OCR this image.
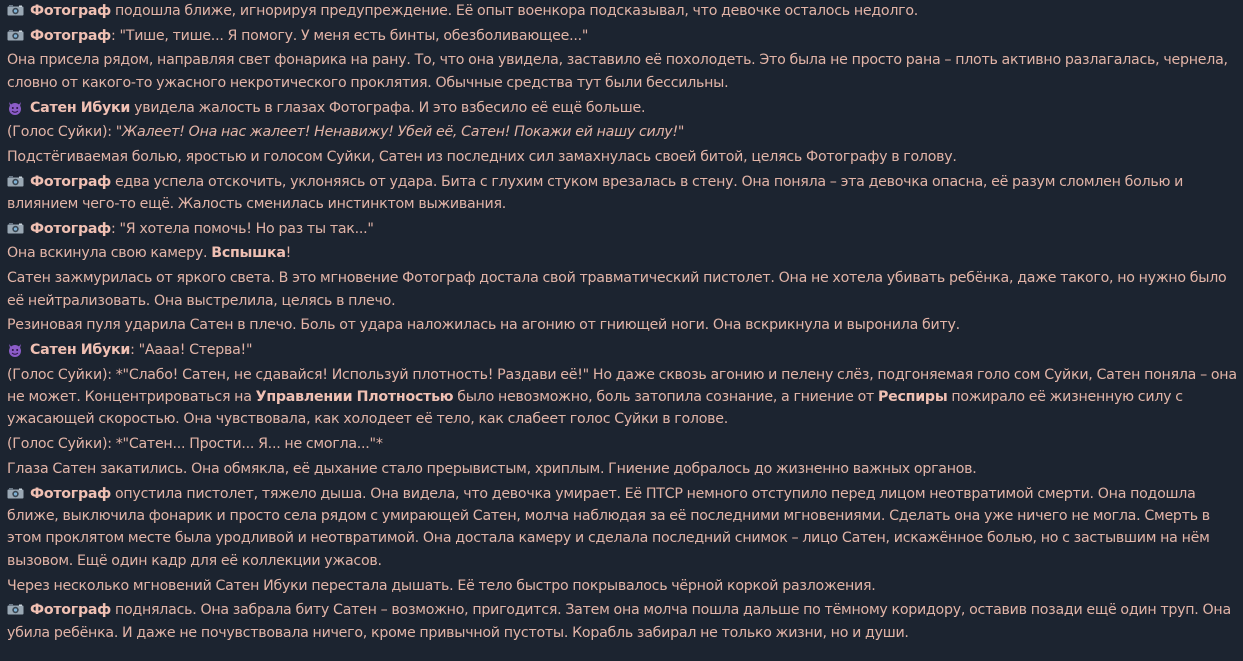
Фотограф подошла ближе, игнорируя предупреждение. Её опыт военкора подсказывал, что девочке осталось недолго.
Фотограф: "Тише, тише... Я помогу. У меня есть бинты, обезболивающее..."
Она присела рядом, направляя свет фонарика на рану. То, что она увидела, заставило её похолодеть. Это была не просто рана – плоть активно разлагалась, чернела, словно от какого-то ужасного некротического проклятия. Обычные средства тут были бессильны.
Сатен Ибуки увидела жалость в глазах Фотографа. И это взбесило её ещё больше.
(Голос Суйки): "Жалеет! Она нас жалеет! Ненавижу! Убей её, Сатен! Покажи ей нашу силу!"
Подстёгиваемая болью, яростью и голосом Суйки, Сатен из последних сил замахнулась своей битой, целясь Фотографу в голову.
Фотограф едва успела отскочить, уклоняясь от удара. Бита с глухим стуком врезалась в стену. Она поняла – эта девочка опасна, её разум сломлен болью и влиянием чего-то ещё. Жалость сменилась инстинктом выживания.
Фотограф: "Я хотела помочь! Но раз ты так..."
Она вскинула свою камеру. Вспышка!
Сатен зажмурилась от яркого света. В это мгновение Фотограф достала свой травматический пистолет. Она не хотела убивать ребёнка, даже такого, но нужно было её нейтрализовать. Она выстрелила, целясь в плечо.
Резиновая пуля ударила Сатен в плечо. Боль от удара наложилась на агонию от гниющей ноги. Она вскрикнула и выронила биту.
Сатен Ибуки: "Аааа! Стерва!"
(Голос Суйки): *"Слабо! Сатен, не сдавайся! Используй плотность! Раздави её!" Но даже сквозь агонию и пелену слёз, подгоняемая голо сом Суйки, Сатен поняла – она не может. Концентрироваться на Управлении Плотностью было невозможно, боль затопила сознание, а гниение от Респиры пожирало её жизненную силу с ужасающей скоростью. Она чувствовала, как холодеет её тело, как слабеет голос Суйки в голове.
(Голос Суйки): *"Сатен... Прости... Я... не смогла..."*
Глаза Сатен закатились. Она обмякла, её дыхание стало прерывистым, хриплым. Гниение добралось до жизненно важных органов.
Фотограф опустила пистолет, тяжело дыша. Она видела, что девочка умирает. Её ПТСР немного отступило перед лицом неотвратимой смерти. Она подошла ближе, выключила фонарик и просто села рядом с умирающей Сатен, молча наблюдая за её последними мгновениями. Сделать она уже ничего не могла. Смерть в этом проклятом месте была уродливой и неотвратимой. Она достала камеру и сделала последний снимок – лицо Сатен, искажённое болью, но с застывшим на нём вызовом. Ещё один кадр для её коллекции ужасов.
Через несколько мгновений Сатен Ибуки перестала дышать. Её тело быстро покрывалось чёрной коркой разложения.
Фотограф поднялась. Она забрала биту Сатен – возможно, пригодится. Затем она молча пошла дальше по тёмному коридору, оставив позади ещё один труп. Она убила ребёнка. И даже не почувствовала ничего, кроме привычной пустоты. Корабль забирал не только жизни, но и души.
